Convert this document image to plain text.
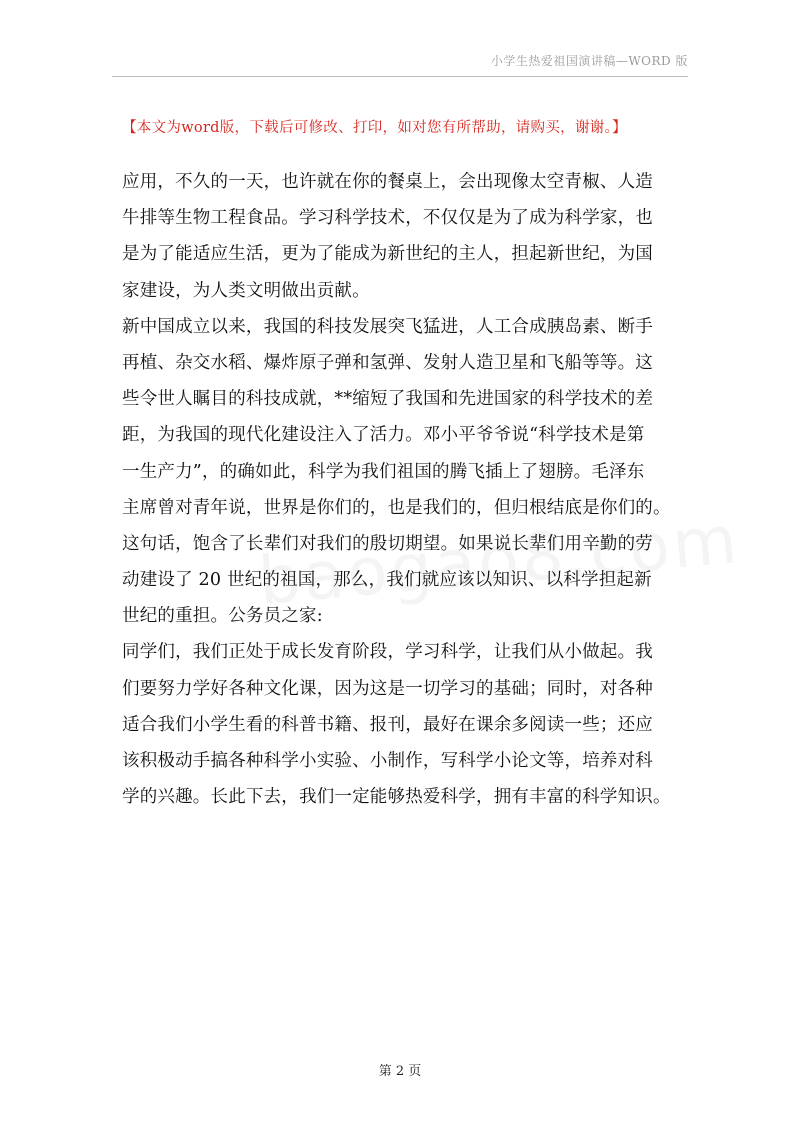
小学生热爱祖国演讲稿—WORD 版
【本文为word版，下载后可修改、打印，如对您有所帮助，请购买，谢谢。】
应用，不久的一天，也许就在你的餐桌上，会出现像太空青椒、人造
牛排等生物工程食品。学习科学技术，不仅仅是为了成为科学家，也
是为了能适应生活，更为了能成为新世纪的主人，担起新世纪，为国
家建设，为人类文明做出贡献。
新中国成立以来，我国的科技发展突飞猛进，人工合成胰岛素、断手
再植、杂交水稻、爆炸原子弹和氢弹、发射人造卫星和飞船等等。这
些令世人瞩目的科技成就，**缩短了我国和先进国家的科学技术的差
距，为我国的现代化建设注入了活力。邓小平爷爷说“科学技术是第
一生产力”，的确如此，科学为我们祖国的腾飞插上了翅膀。毛泽东
主席曾对青年说，世界是你们的，也是我们的，但归根结底是你们的。
这句话，饱含了长辈们对我们的殷切期望。如果说长辈们用辛勤的劳
动建设了 20 世纪的祖国，那么，我们就应该以知识、以科学担起新
世纪的重担。公务员之家:
同学们，我们正处于成长发育阶段，学习科学，让我们从小做起。我
们要努力学好各种文化课，因为这是一切学习的基础；同时，对各种
适合我们小学生看的科普书籍、报刊，最好在课余多阅读一些；还应
该积极动手搞各种科学小实验、小制作，写科学小论文等，培养对科
学的兴趣。长此下去，我们一定能够热爱科学，拥有丰富的科学知识。
第 2 页
